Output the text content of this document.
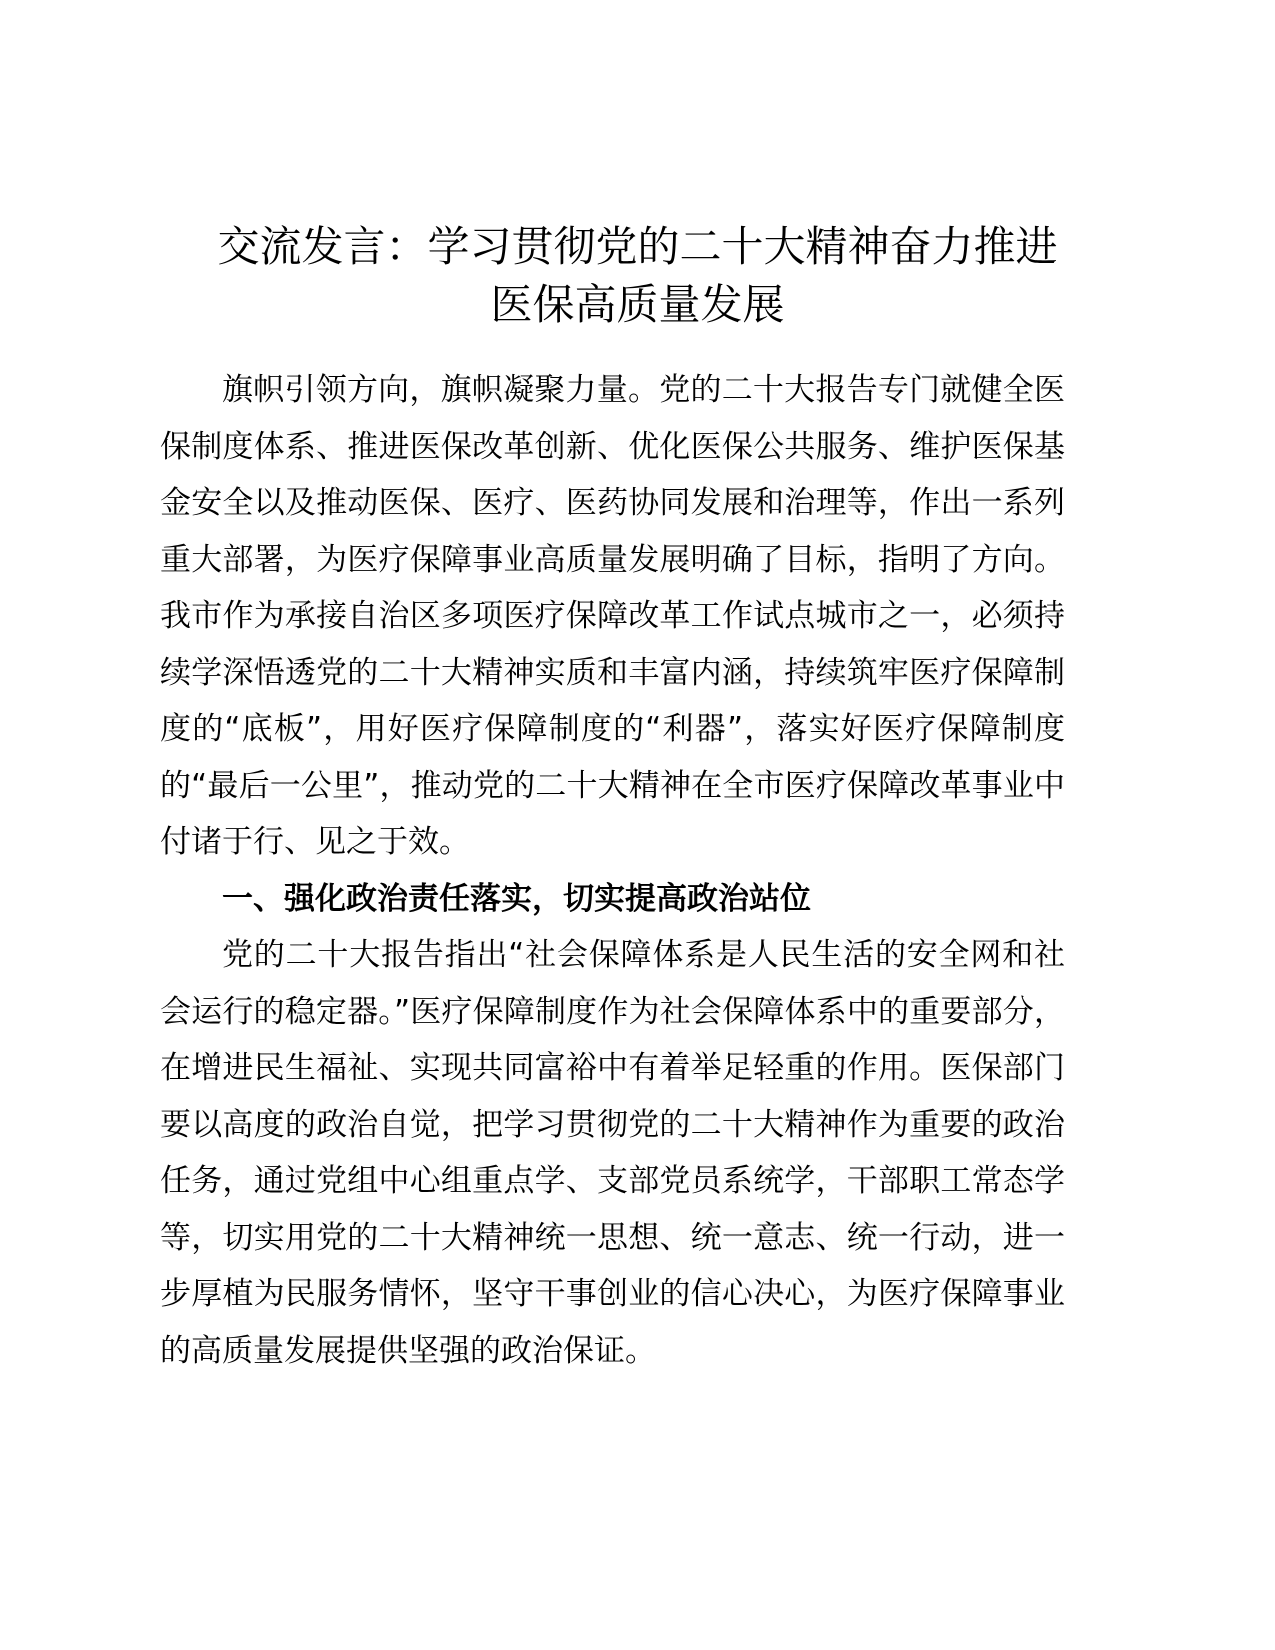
交流发言：学习贯彻党的二十大精神奋力推进
医保高质量发展

旗帜引领方向，旗帜凝聚力量。党的二十大报告专门就健全医保制度体系、推进医保改革创新、优化医保公共服务、维护医保基金安全以及推动医保、医疗、医药协同发展和治理等，作出一系列重大部署，为医疗保障事业高质量发展明确了目标，指明了方向。我市作为承接自治区多项医疗保障改革工作试点城市之一，必须持续学深悟透党的二十大精神实质和丰富内涵，持续筑牢医疗保障制度的“底板”，用好医疗保障制度的“利器”，落实好医疗保障制度的“最后一公里”，推动党的二十大精神在全市医疗保障改革事业中付诸于行、见之于效。

一、强化政治责任落实，切实提高政治站位

党的二十大报告指出“社会保障体系是人民生活的安全网和社会运行的稳定器。”医疗保障制度作为社会保障体系中的重要部分，在增进民生福祉、实现共同富裕中有着举足轻重的作用。医保部门要以高度的政治自觉，把学习贯彻党的二十大精神作为重要的政治任务，通过党组中心组重点学、支部党员系统学，干部职工常态学等，切实用党的二十大精神统一思想、统一意志、统一行动，进一步厚植为民服务情怀，坚守干事创业的信心决心，为医疗保障事业的高质量发展提供坚强的政治保证。
